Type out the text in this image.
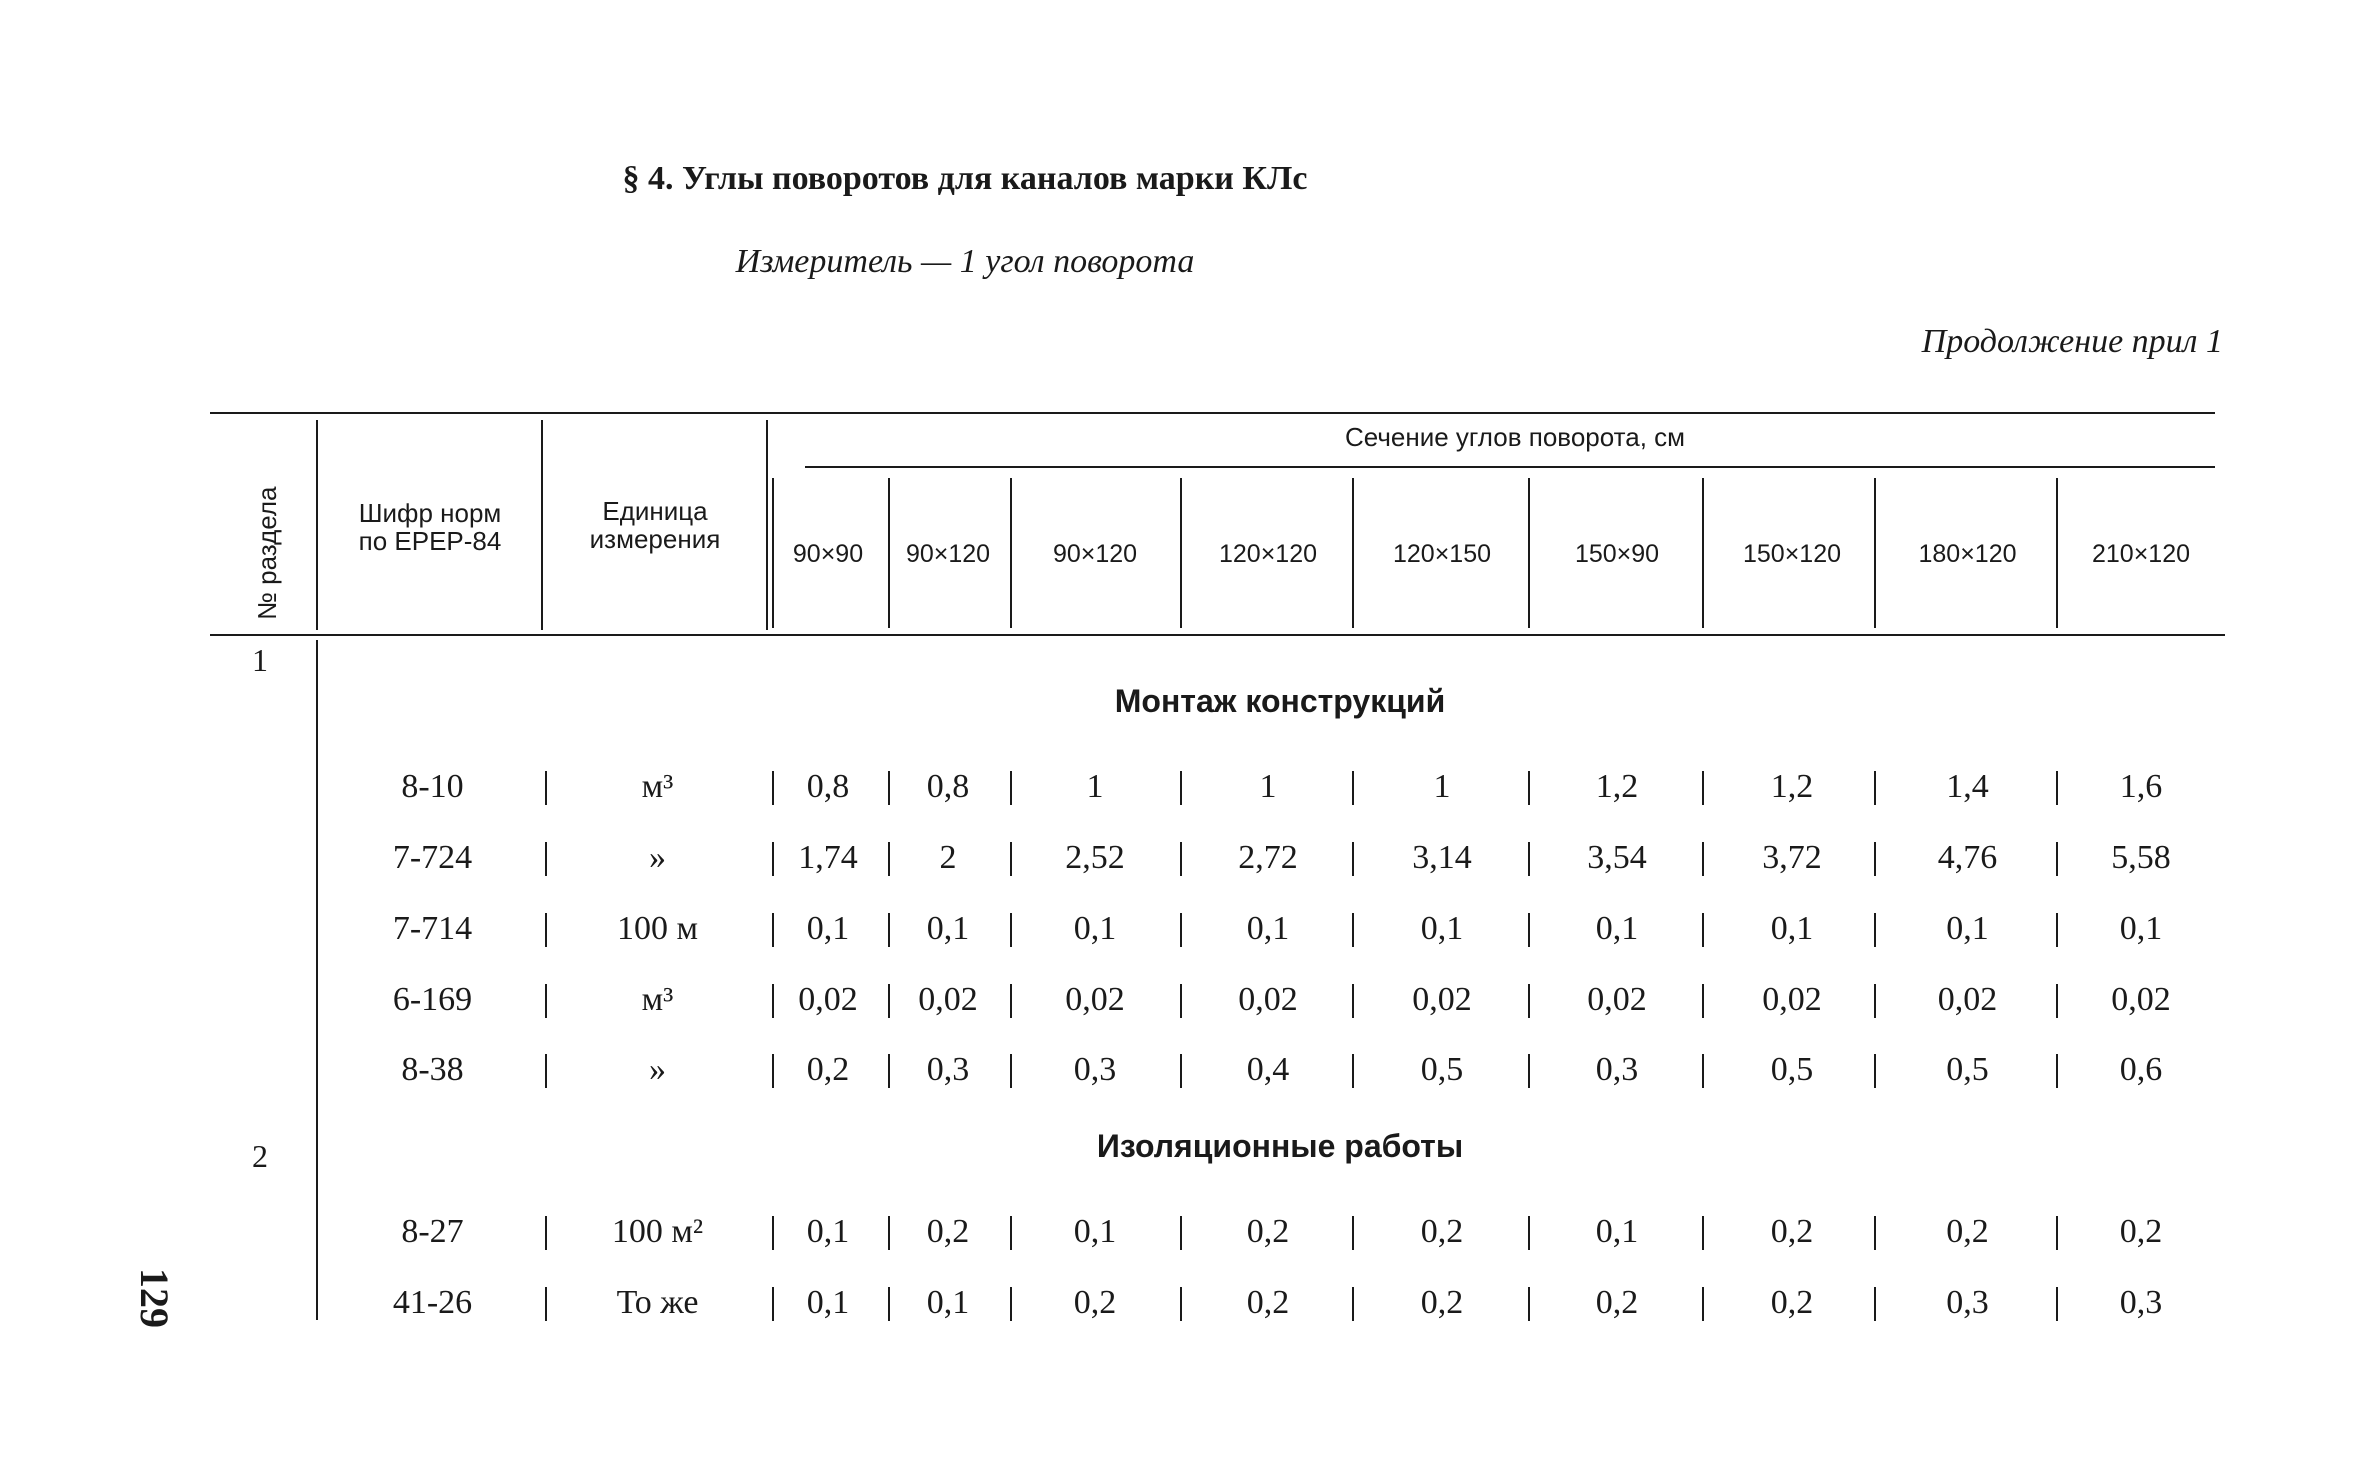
§ 4. Углы поворотов для каналов марки КЛс
Измеритель — 1 угол поворота
Продолжение прил 1
129
№ раздела	Шифр норм
по ЕРЕР-84
Единица
измерения
Сечение углов поворота, см
90×90	90×120	90×120	120×120	120×150	150×90	150×120	180×120	210×120
1
Монтаж конструкций
8-10	м³	0,8	0,8	1	1	1	1,2	1,2	1,4	1,6
7-724	»	1,74	2	2,52	2,72	3,14	3,54	3,72	4,76	5,58
7-714	100 м	0,1	0,1	0,1	0,1	0,1	0,1	0,1	0,1	0,1
6-169	м³	0,02	0,02	0,02	0,02	0,02	0,02	0,02	0,02	0,02
8-38	»	0,2	0,3	0,3	0,4	0,5	0,3	0,5	0,5	0,6
2	Изоляционные работы
8-27	100 м²	0,1	0,2	0,1	0,2	0,2	0,1	0,2	0,2	0,2
41-26	То же	0,1	0,1	0,2	0,2	0,2	0,2	0,2	0,3	0,3
